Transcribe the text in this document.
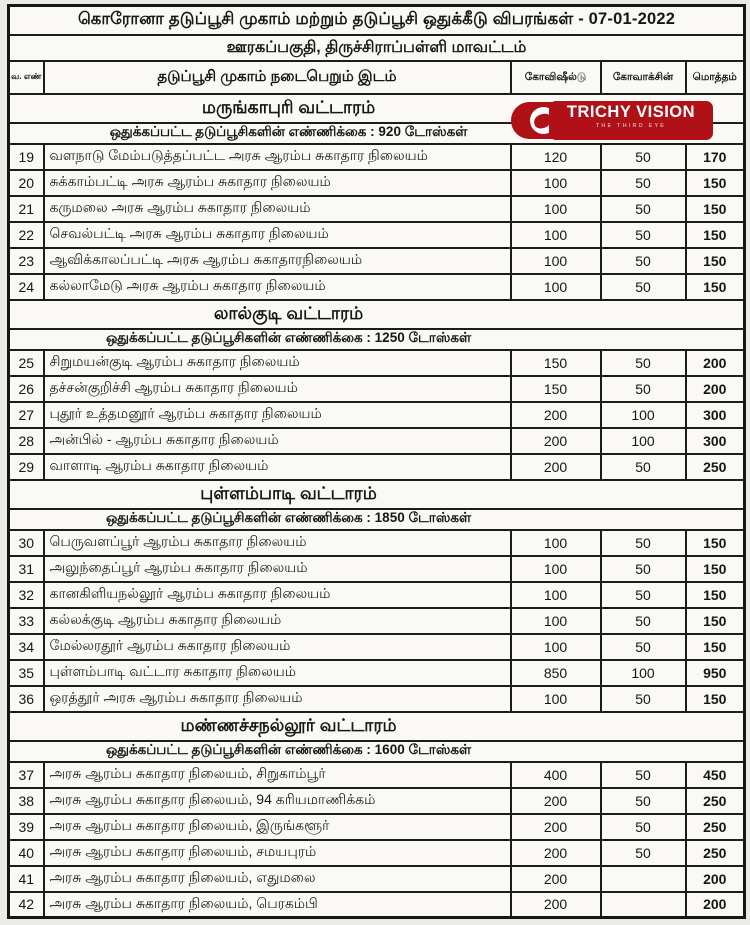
கொரோனா தடுப்பூசி முகாம் மற்றும் தடுப்பூசி ஒதுக்கீடு விபரங்கள் - 07-01-2022				
ஊரகப்பகுதி, திருச்சிராப்பள்ளி மாவட்டம்				
வ. எண்	தடுப்பூசி முகாம் நடைபெறும் இடம்	கோவிஷீல்டு	கோவாக்சின்	மொத்தம்

மருங்காபுரி வட்டாரம்				

ஒதுக்கப்பட்ட தடுப்பூசிகளின் எண்ணிக்கை : 920 டோஸ்கள்				

19	வளநாடு மேம்படுத்தப்பட்ட அரசு ஆரம்ப சுகாதார நிலையம்	120	50	170
20	சுக்காம்பட்டி அரசு ஆரம்ப சுகாதார நிலையம்	100	50	150
21	கருமலை அரசு ஆரம்ப சுகாதார நிலையம்	100	50	150
22	செவல்பட்டி அரசு ஆரம்ப சுகாதார நிலையம்	100	50	150
23	ஆவிக்காலப்பட்டி அரசு ஆரம்ப சுகாதாரநிலையம்	100	50	150
24	கல்லாமேடு அரசு ஆரம்ப சுகாதார நிலையம்	100	50	150

லால்குடி வட்டாரம்				

ஒதுக்கப்பட்ட தடுப்பூசிகளின் எண்ணிக்கை : 1250 டோஸ்கள்				

25	சிறுமயன்குடி ஆரம்ப சுகாதார நிலையம்	150	50	200
26	தச்சன்குறிச்சி ஆரம்ப சுகாதார நிலையம்	150	50	200
27	புதூர் உத்தமனூர் ஆரம்ப சுகாதார நிலையம்	200	100	300
28	அன்பில் - ஆரம்ப சுகாதார நிலையம்	200	100	300
29	வாளாடி ஆரம்ப சுகாதார நிலையம்	200	50	250

புள்ளம்பாடி வட்டாரம்				

ஒதுக்கப்பட்ட தடுப்பூசிகளின் எண்ணிக்கை : 1850 டோஸ்கள்				

30	பெருவளப்பூர் ஆரம்ப சுகாதார நிலையம்	100	50	150
31	அலுந்தைப்பூர் ஆரம்ப சுகாதார நிலையம்	100	50	150
32	கானகிளியநல்லூர் ஆரம்ப சுகாதார நிலையம்	100	50	150
33	கல்லக்குடி ஆரம்ப சுகாதார நிலையம்	100	50	150
34	மேல்லரதூர் ஆரம்ப சுகாதார நிலையம்	100	50	150
35	புள்ளம்பாடி வட்டார சுகாதார நிலையம்	850	100	950
36	ஒரத்தூர் அரசு ஆரம்ப சுகாதார நிலையம்	100	50	150

மண்ணச்சநல்லூர் வட்டாரம்				

ஒதுக்கப்பட்ட தடுப்பூசிகளின் எண்ணிக்கை : 1600 டோஸ்கள்				

37	அரசு ஆரம்ப சுகாதார நிலையம், சிறுகாம்பூர்	400	50	450
38	அரசு ஆரம்ப சுகாதார நிலையம், 94 கரியமாணிக்கம்	200	50	250
39	அரசு ஆரம்ப சுகாதார நிலையம், இருங்களூர்	200	50	250
40	அரசு ஆரம்ப சுகாதார நிலையம், சமயபுரம்	200	50	250
41	அரசு ஆரம்ப சுகாதார நிலையம், எதுமலை	200		200
42	அரசு ஆரம்ப சுகாதார நிலையம், பெரகம்பி	200		200
TRICHY VISION
THE THIRD EYE
